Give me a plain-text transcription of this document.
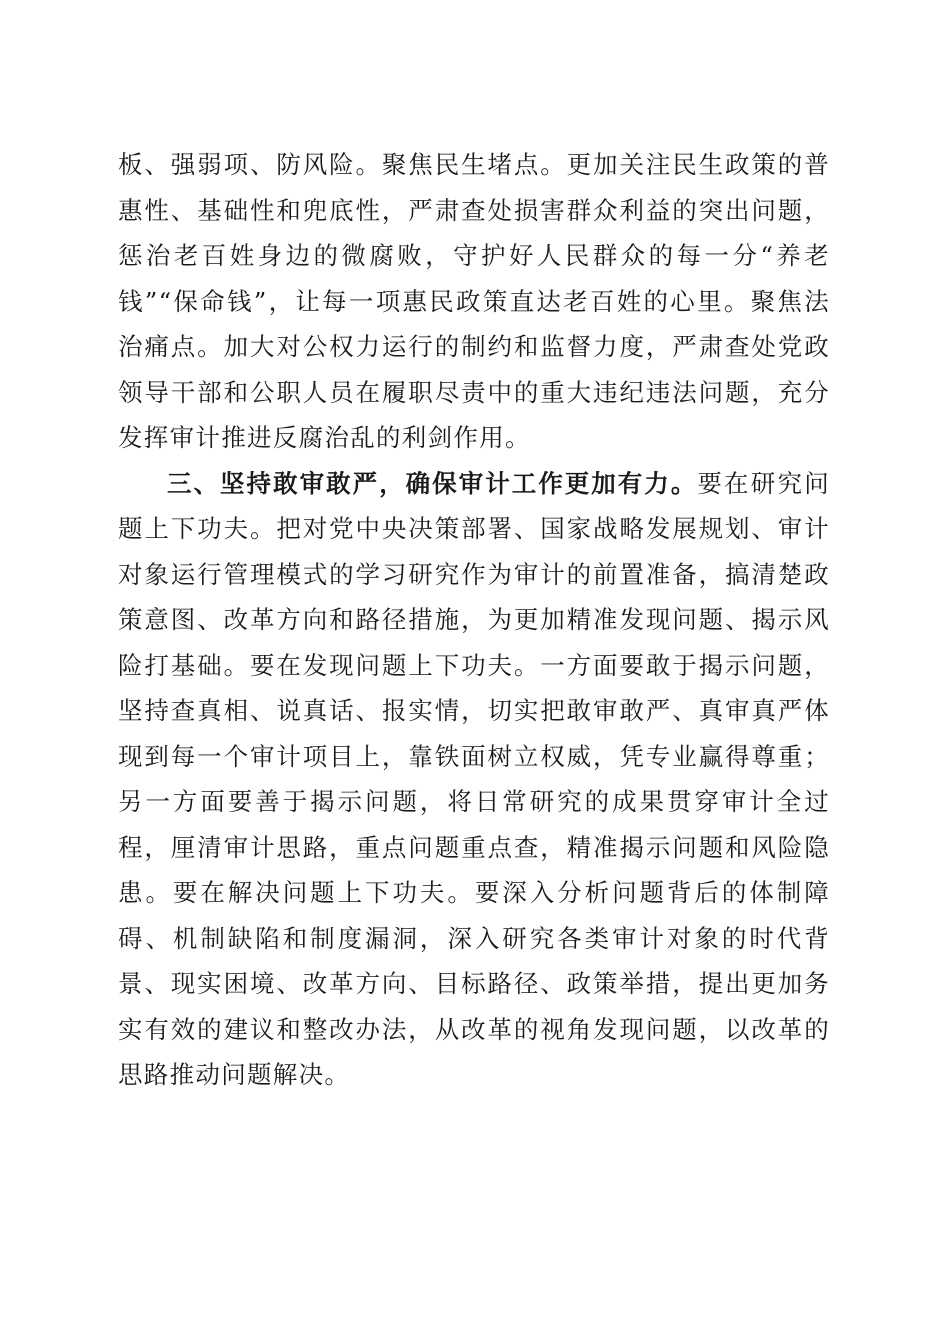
板、强弱项、防风险。聚焦民生堵点。更加关注民生政策的普惠性、基础性和兜底性，严肃查处损害群众利益的突出问题，惩治老百姓身边的微腐败，守护好人民群众的每一分“养老钱”“保命钱”，让每一项惠民政策直达老百姓的心里。聚焦法治痛点。加大对公权力运行的制约和监督力度，严肃查处党政领导干部和公职人员在履职尽责中的重大违纪违法问题，充分发挥审计推进反腐治乱的利剑作用。

三、坚持敢审敢严，确保审计工作更加有力。要在研究问题上下功夫。把对党中央决策部署、国家战略发展规划、审计对象运行管理模式的学习研究作为审计的前置准备，搞清楚政策意图、改革方向和路径措施，为更加精准发现问题、揭示风险打基础。要在发现问题上下功夫。一方面要敢于揭示问题，坚持查真相、说真话、报实情，切实把敢审敢严、真审真严体现到每一个审计项目上，靠铁面树立权威，凭专业赢得尊重；另一方面要善于揭示问题，将日常研究的成果贯穿审计全过程，厘清审计思路，重点问题重点查，精准揭示问题和风险隐患。要在解决问题上下功夫。要深入分析问题背后的体制障碍、机制缺陷和制度漏洞，深入研究各类审计对象的时代背景、现实困境、改革方向、目标路径、政策举措，提出更加务实有效的建议和整改办法，从改革的视角发现问题，以改革的思路推动问题解决。
